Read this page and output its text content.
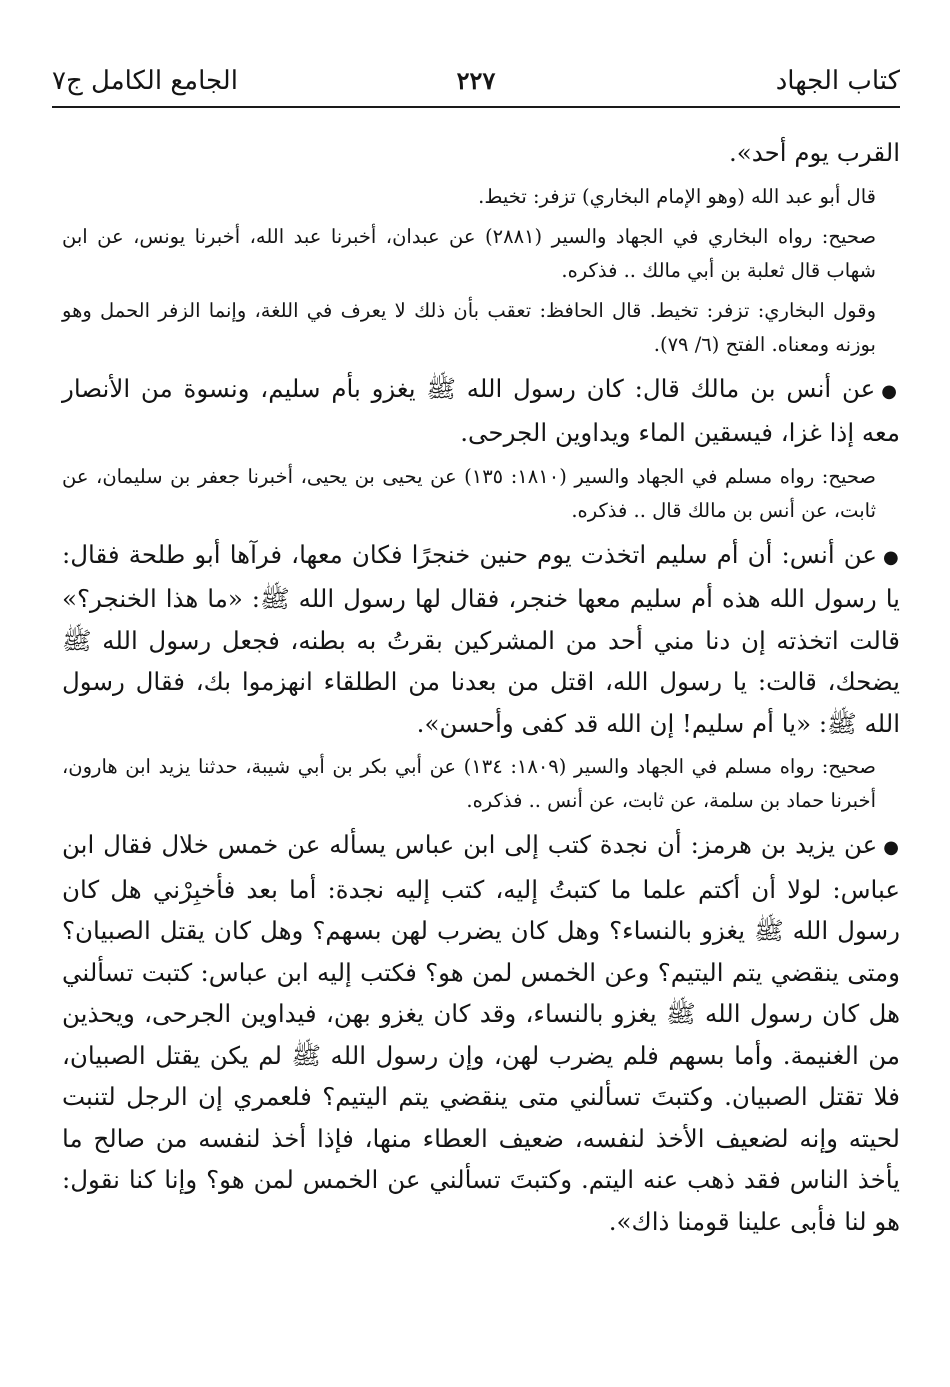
كتاب الجهاد
٢٢٧
الجامع الكامل ج٧

القرب يوم أحد».

قال أبو عبد الله (وهو الإمام البخاري) تزفر: تخيط.

صحيح: رواه البخاري في الجهاد والسير (٢٨٨١) عن عبدان، أخبرنا عبد الله، أخبرنا يونس، عن ابن شهاب قال ثعلبة بن أبي مالك .. فذكره.

وقول البخاري: تزفر: تخيط. قال الحافظ: تعقب بأن ذلك لا يعرف في اللغة، وإنما الزفر الحمل وهو بوزنه ومعناه. الفتح (٦/ ٧٩).

●عن أنس بن مالك قال: كان رسول الله ﷺ يغزو بأم سليم، ونسوة من الأنصار معه إذا غزا، فيسقين الماء ويداوين الجرحى.

صحيح: رواه مسلم في الجهاد والسير (١٨١٠: ١٣٥) عن يحيى بن يحيى، أخبرنا جعفر بن سليمان، عن ثابت، عن أنس بن مالك قال .. فذكره.

●عن أنس: أن أم سليم اتخذت يوم حنين خنجرًا فكان معها، فرآها أبو طلحة فقال: يا رسول الله هذه أم سليم معها خنجر، فقال لها رسول الله ﷺ: «ما هذا الخنجر؟» قالت اتخذته إن دنا مني أحد من المشركين بقرتُ به بطنه، فجعل رسول الله ﷺ يضحك، قالت: يا رسول الله، اقتل من بعدنا من الطلقاء انهزموا بك، فقال رسول الله ﷺ: «يا أم سليم! إن الله قد كفى وأحسن».

صحيح: رواه مسلم في الجهاد والسير (١٨٠٩: ١٣٤) عن أبي بكر بن أبي شيبة، حدثنا يزيد ابن هارون، أخبرنا حماد بن سلمة، عن ثابت، عن أنس .. فذكره.

●عن يزيد بن هرمز: أن نجدة كتب إلى ابن عباس يسأله عن خمس خلال فقال ابن عباس: لولا أن أكتم علما ما كتبتُ إليه، كتب إليه نجدة: أما بعد فأخبِرْني هل كان رسول الله ﷺ يغزو بالنساء؟ وهل كان يضرب لهن بسهم؟ وهل كان يقتل الصبيان؟ ومتى ينقضي يتم اليتيم؟ وعن الخمس لمن هو؟ فكتب إليه ابن عباس: كتبت تسألني هل كان رسول الله ﷺ يغزو بالنساء، وقد كان يغزو بهن، فيداوين الجرحى، ويحذين من الغنيمة. وأما بسهم فلم يضرب لهن، وإن رسول الله ﷺ لم يكن يقتل الصبيان، فلا تقتل الصبيان. وكتبتَ تسألني متى ينقضي يتم اليتيم؟ فلعمري إن الرجل لتنبت لحيته وإنه لضعيف الأخذ لنفسه، ضعيف العطاء منها، فإذا أخذ لنفسه من صالح ما يأخذ الناس فقد ذهب عنه اليتم. وكتبتَ تسألني عن الخمس لمن هو؟ وإنا كنا نقول: هو لنا فأبى علينا قومنا ذاك».
